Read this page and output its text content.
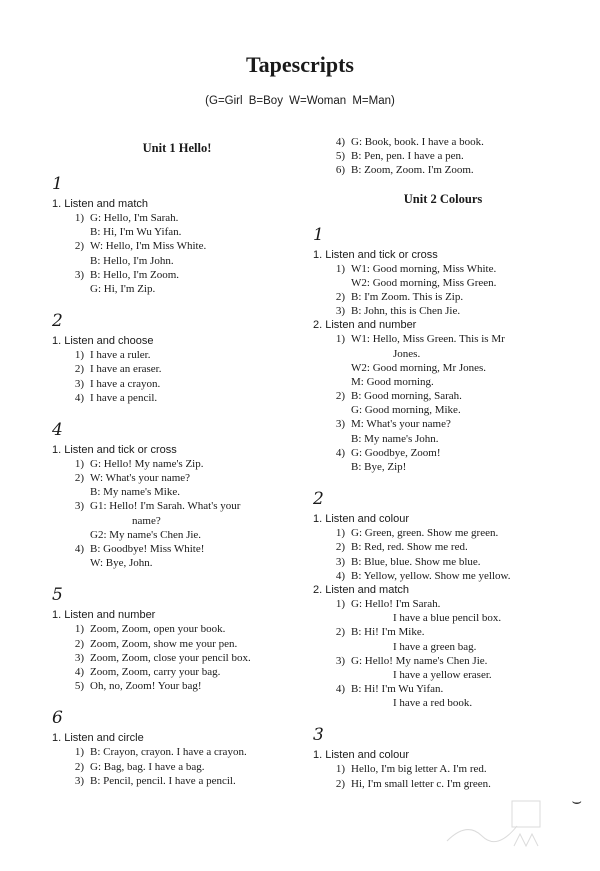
Tapescripts
(G=Girl B=Boy W=Woman M=Man)
Unit 1 Hello!
1
1. Listen and match
1) G: Hello, I'm Sarah.
B: Hi, I'm Wu Yifan.
2) W: Hello, I'm Miss White.
B: Hello, I'm John.
3) B: Hello, I'm Zoom.
G: Hi, I'm Zip.
2
1. Listen and choose
1) I have a ruler.
2) I have an eraser.
3) I have a crayon.
4) I have a pencil.
4
1. Listen and tick or cross
1) G: Hello! My name's Zip.
2) W: What's your name?
B: My name's Mike.
3) G1: Hello! I'm Sarah. What's your
name?
G2: My name's Chen Jie.
4) B: Goodbye! Miss White!
W: Bye, John.
5
1. Listen and number
1) Zoom, Zoom, open your book.
2) Zoom, Zoom, show me your pen.
3) Zoom, Zoom, close your pencil box.
4) Zoom, Zoom, carry your bag.
5) Oh, no, Zoom! Your bag!
6
1. Listen and circle
1) B: Crayon, crayon. I have a crayon.
2) G: Bag, bag. I have a bag.
3) B: Pencil, pencil. I have a pencil.
4) G: Book, book. I have a book.
5) B: Pen, pen. I have a pen.
6) B: Zoom, Zoom. I'm Zoom.
Unit 2 Colours
1
1. Listen and tick or cross
1) W1: Good morning, Miss White.
W2: Good morning, Miss Green.
2) B: I'm Zoom. This is Zip.
3) B: John, this is Chen Jie.
2. Listen and number
1) W1: Hello, Miss Green. This is Mr
Jones.
W2: Good morning, Mr Jones.
M: Good morning.
2) B: Good morning, Sarah.
G: Good morning, Mike.
3) M: What's your name?
B: My name's John.
4) G: Goodbye, Zoom!
B: Bye, Zip!
2
1. Listen and colour
1) G: Green, green. Show me green.
2) B: Red, red. Show me red.
3) B: Blue, blue. Show me blue.
4) B: Yellow, yellow. Show me yellow.
2. Listen and match
1) G: Hello! I'm Sarah.
I have a blue pencil box.
2) B: Hi! I'm Mike.
I have a green bag.
3) G: Hello! My name's Chen Jie.
I have a yellow eraser.
4) B: Hi! I'm Wu Yifan.
I have a red book.
3
1. Listen and colour
1) Hello, I'm big letter A. I'm red.
2) Hi, I'm small letter c. I'm green.
⌣
